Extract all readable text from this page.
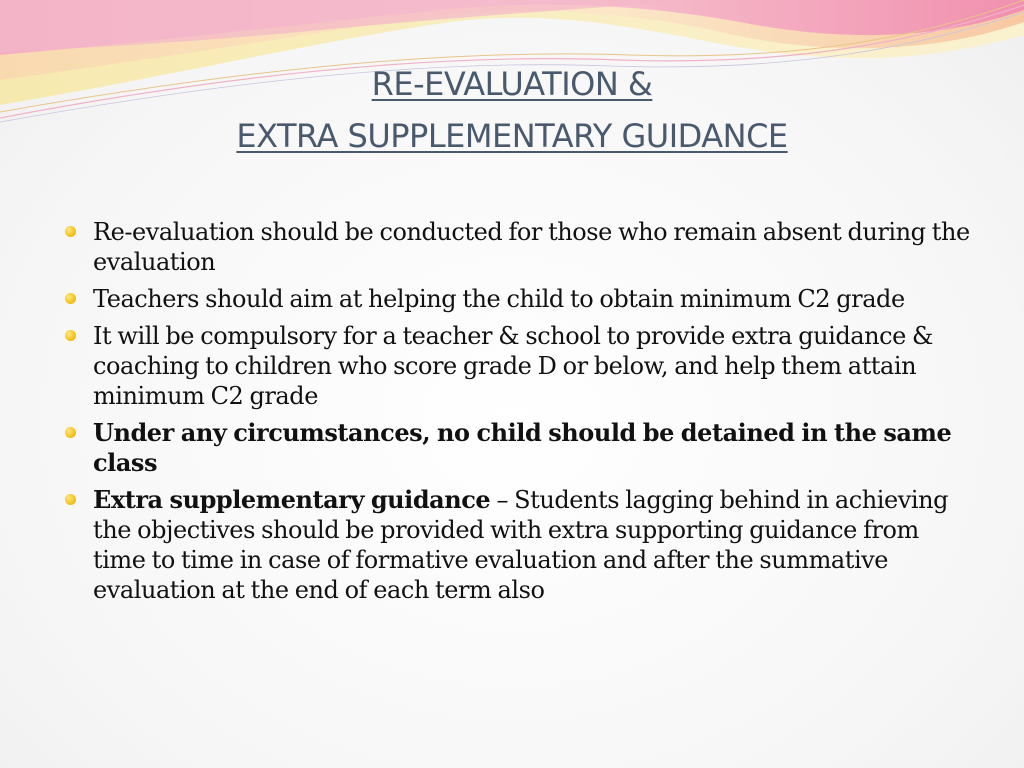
RE-EVALUATION &
EXTRA SUPPLEMENTARY GUIDANCE
Re-evaluation should be conducted for those who remain absent during the evaluation
Teachers should aim at helping the child to obtain minimum C2 grade
It will be compulsory for a teacher & school to provide extra guidance & coaching to children who score grade D or below, and help them attain minimum C2 grade
Under any circumstances, no child should be detained in the same class
Extra supplementary guidance – Students lagging behind in achieving the objectives should be provided with extra supporting guidance from time to time in case of formative evaluation and after the summative evaluation at the end of each term also
